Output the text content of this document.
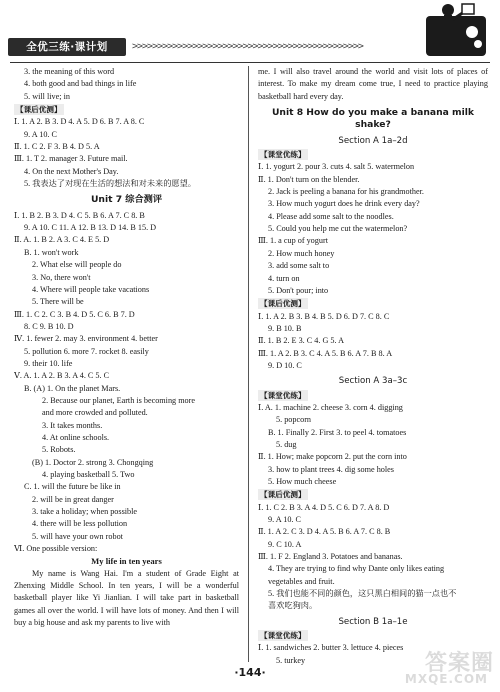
全优三练·课计划	>>>>>>>>>>>>>>>>>>>>>>>>>>>>>>>>>>>>>>>>>>>>>>
3. the meaning of this word
4. both good and bad things in life
5. will live; in
【课后优测】
Ⅰ. 1. A 2. B 3. D 4. A 5. D 6. B 7. A 8. C
9. A 10. C
Ⅱ. 1. C 2. F 3. B 4. D 5. A
Ⅲ. 1. T 2. manager 3. Future mail.
4. On the next Mother's Day.
5. 我表达了对现在生活的想法和对未来的愿望。
Unit 7 综合测评
Ⅰ. 1. B 2. B 3. D 4. C 5. B 6. A 7. C 8. B
9. A 10. C 11. A 12. B 13. D 14. B 15. D
Ⅱ. A. 1. B 2. A 3. C 4. E 5. D
B. 1. won't work
2. What else will people do
3. No, there won't
4. Where will people take vacations
5. There will be
Ⅲ. 1. C 2. C 3. B 4. D 5. C 6. B 7. D
8. C 9. B 10. D
Ⅳ. 1. fewer 2. may 3. environment 4. better
5. pollution 6. more 7. rocket 8. easily
9. their 10. life
Ⅴ. A. 1. A 2. B 3. A 4. C 5. C
B. (A) 1. On the planet Mars.
2. Because our planet, Earth is becoming more
and more crowded and polluted.
3. It takes months.
4. At online schools.
5. Robots.
(B) 1. Doctor 2. strong 3. Chongqing
4. playing basketball 5. Two
C. 1. will the future be like in
2. will be in great danger
3. take a holiday; when possible
4. there will be less pollution
5. will have your own robot
Ⅵ. One possible version:
My life in ten years
My name is Wang Hai. I'm a student of Grade Eight at Zhenxing Middle School. In ten years, I will be a wonderful basketball player like Yi Jianlian. I will take part in basketball games all over the world. I will have lots of money. And then I will buy a big house and ask my parents to live with
me. I will also travel around the world and visit lots of places of interest. To make my dream come true, I need to practice playing basketball hard every day.
Unit 8 How do you make a banana milk shake?
Section A 1a–2d
【课堂优练】
Ⅰ. 1. yogurt 2. pour 3. cuts 4. salt 5. watermelon
Ⅱ. 1. Don't turn on the blender.
2. Jack is peeling a banana for his grandmother.
3. How much yogurt does he drink every day?
4. Please add some salt to the noodles.
5. Could you help me cut the watermelon?
Ⅲ. 1. a cup of yogurt
2. How much honey
3. add some salt to
4. turn on
5. Don't pour; into
【课后优测】
Ⅰ. 1. A 2. B 3. B 4. B 5. D 6. D 7. C 8. C
9. B 10. B
Ⅱ. 1. B 2. E 3. C 4. G 5. A
Ⅲ. 1. A 2. B 3. C 4. A 5. B 6. A 7. B 8. A
9. D 10. C
Section A 3a–3c
【课堂优练】
Ⅰ. A. 1. machine 2. cheese 3. corn 4. digging
5. popcorn
B. 1. Finally 2. First 3. to peel 4. tomatoes
5. dug
Ⅱ. 1. How; make popcorn 2. put the corn into
3. how to plant trees 4. dig some holes
5. How much cheese
【课后优测】
Ⅰ. 1. C 2. B 3. A 4. D 5. C 6. D 7. A 8. D
9. A 10. C
Ⅱ. 1. A 2. C 3. D 4. A 5. B 6. A 7. C 8. B
9. C 10. A
Ⅲ. 1. F 2. England 3. Potatoes and bananas.
4. They are trying to find why Dante only likes eating
vegetables and fruit.
5. 我们也能不同的颜色，这只黑白相间的猫一点也不
喜欢吃狗肉。
Section B 1a–1e
【课堂优练】
Ⅰ. 1. sandwiches 2. butter 3. lettuce 4. pieces
5. turkey
·144·	答案圈
MXQE.COM
